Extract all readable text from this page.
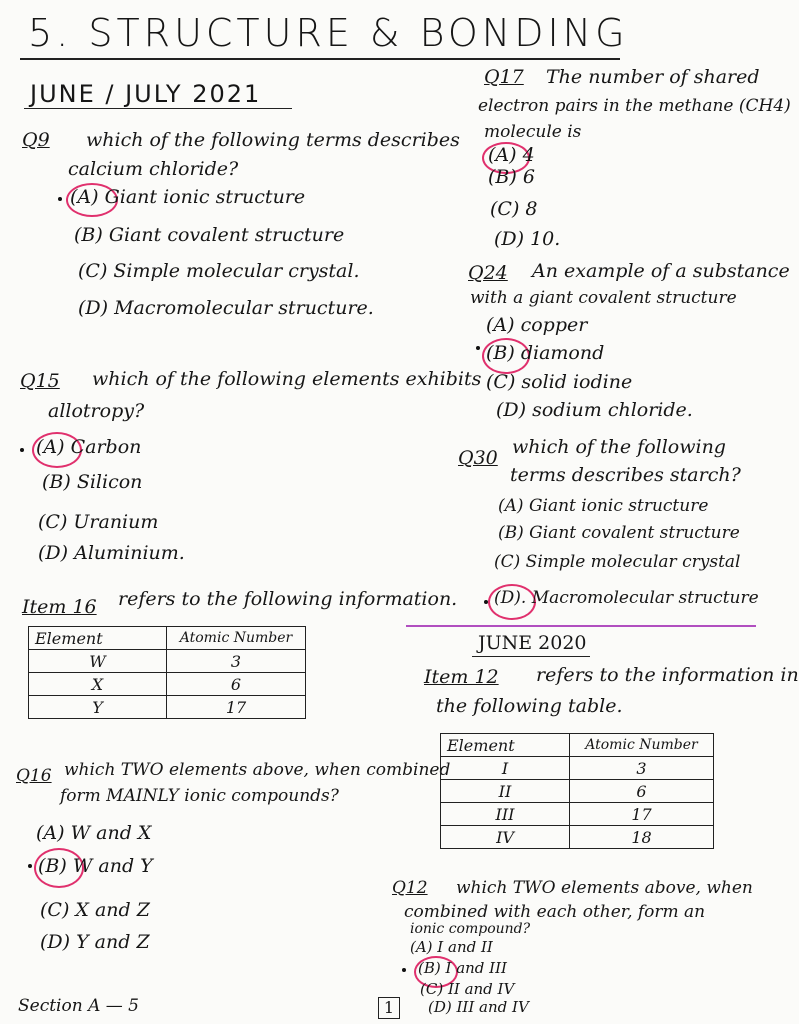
5. STRUCTURE & BONDING
JUNE / JULY 2021
Q9 which of the following terms describes
calcium chloride?
(A) Giant ionic structure
(B) Giant covalent structure
(C) Simple molecular crystal.
(D) Macromolecular structure.
Q15 which of the following elements exhibits
allotropy?
(A) Carbon
(B) Silicon
(C) Uranium
(D) Aluminium.
Item 16 refers to the following information.
Element	Atomic Number
W	3
X	6
Y	17
Q16 which TWO elements above, when combined
form MAINLY ionic compounds?
(A) W and X
(B) W and Y
(C) X and Z
(D) Y and Z
Section A — 5
Q17 The number of shared
electron pairs in the methane (CH4)
molecule is
(A) 4
(B) 6
(C) 8
(D) 10.
Q24 An example of a substance
with a giant covalent structure
(A) copper
(B) diamond
(C) solid iodine
(D) sodium chloride.
Q30 which of the following
terms describes starch?
(A) Giant ionic structure
(B) Giant covalent structure
(C) Simple molecular crystal
(D). Macromolecular structure
JUNE 2020
Item 12 refers to the information in
the following table.
Element	Atomic Number
I	3
II	6
III	17
IV	18
Q12 which TWO elements above, when
combined with each other, form an
ionic compound?
(A) I and II
(B) I and III
(C) II and IV
1	(D) III and IV
